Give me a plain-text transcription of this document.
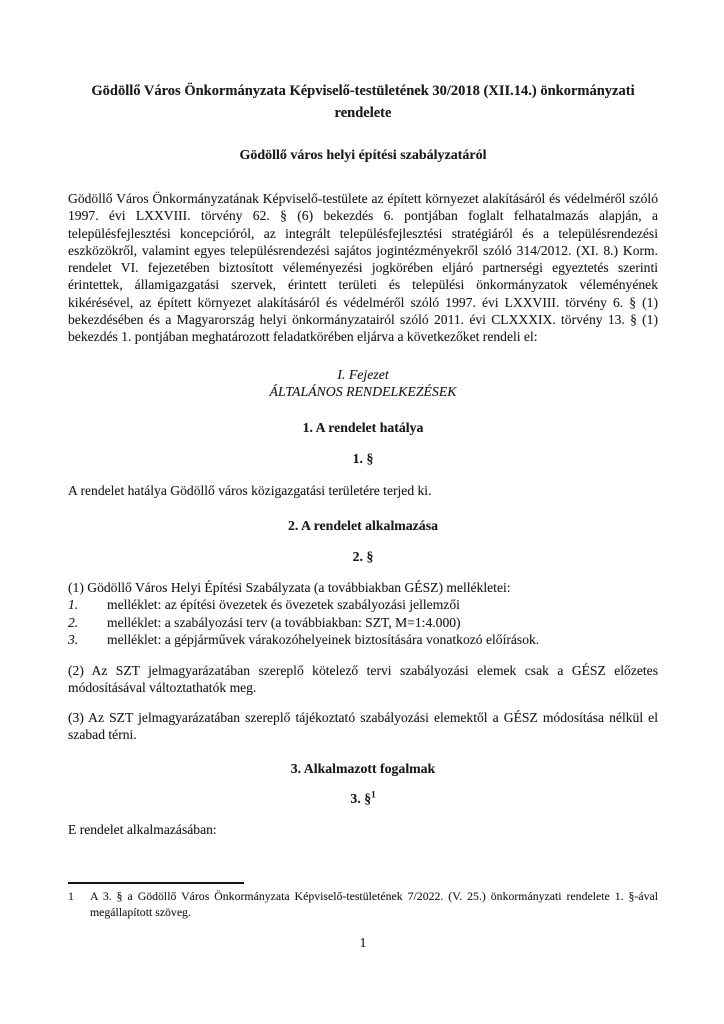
Gödöllő Város Önkormányzata Képviselő-testületének 30/2018 (XII.14.) önkormányzati rendelete
Gödöllő város helyi építési szabályzatáról
Gödöllő Város Önkormányzatának Képviselő-testülete az épített környezet alakításáról és védelméről szóló 1997. évi LXXVIII. törvény 62. § (6) bekezdés 6. pontjában foglalt felhatalmazás alapján, a településfejlesztési koncepcióról, az integrált településfejlesztési stratégiáról és a településrendezési eszközökről, valamint egyes településrendezési sajátos jogintézményekről szóló 314/2012. (XI. 8.) Korm. rendelet VI. fejezetében biztosított véleményezési jogkörében eljáró partnerségi egyeztetés szerinti érintettek, államigazgatási szervek, érintett területi és települési önkormányzatok véleményének kikérésével, az épített környezet alakításáról és védelméről szóló 1997. évi LXXVIII. törvény 6. § (1) bekezdésében és a Magyarország helyi önkormányzatairól szóló 2011. évi CLXXXIX. törvény 13. § (1) bekezdés 1. pontjában meghatározott feladatkörében eljárva a következőket rendeli el:
I. Fejezet
ÁLTALÁNOS RENDELKEZÉSEK
1. A rendelet hatálya
1. §
A rendelet hatálya Gödöllő város közigazgatási területére terjed ki.
2. A rendelet alkalmazása
2. §
(1) Gödöllő Város Helyi Építési Szabályzata (a továbbiakban GÉSZ) mellékletei:
1.	melléklet: az építési övezetek és övezetek szabályozási jellemzői
2.	melléklet: a szabályozási terv (a továbbiakban: SZT, M=1:4.000)
3.	melléklet: a gépjárművek várakozóhelyeinek biztosítására vonatkozó előírások.
(2) Az SZT jelmagyarázatában szereplő kötelező tervi szabályozási elemek csak a GÉSZ előzetes módosításával változtathatók meg.
(3) Az SZT jelmagyarázatában szereplő tájékoztató szabályozási elemektől a GÉSZ módosítása nélkül el szabad térni.
3. Alkalmazott fogalmak
3. §$^1$
E rendelet alkalmazásában:
1	A 3. § a Gödöllő Város Önkormányzata Képviselő-testületének 7/2022. (V. 25.) önkormányzati rendelete 1. §-ával megállapított szöveg.
1
